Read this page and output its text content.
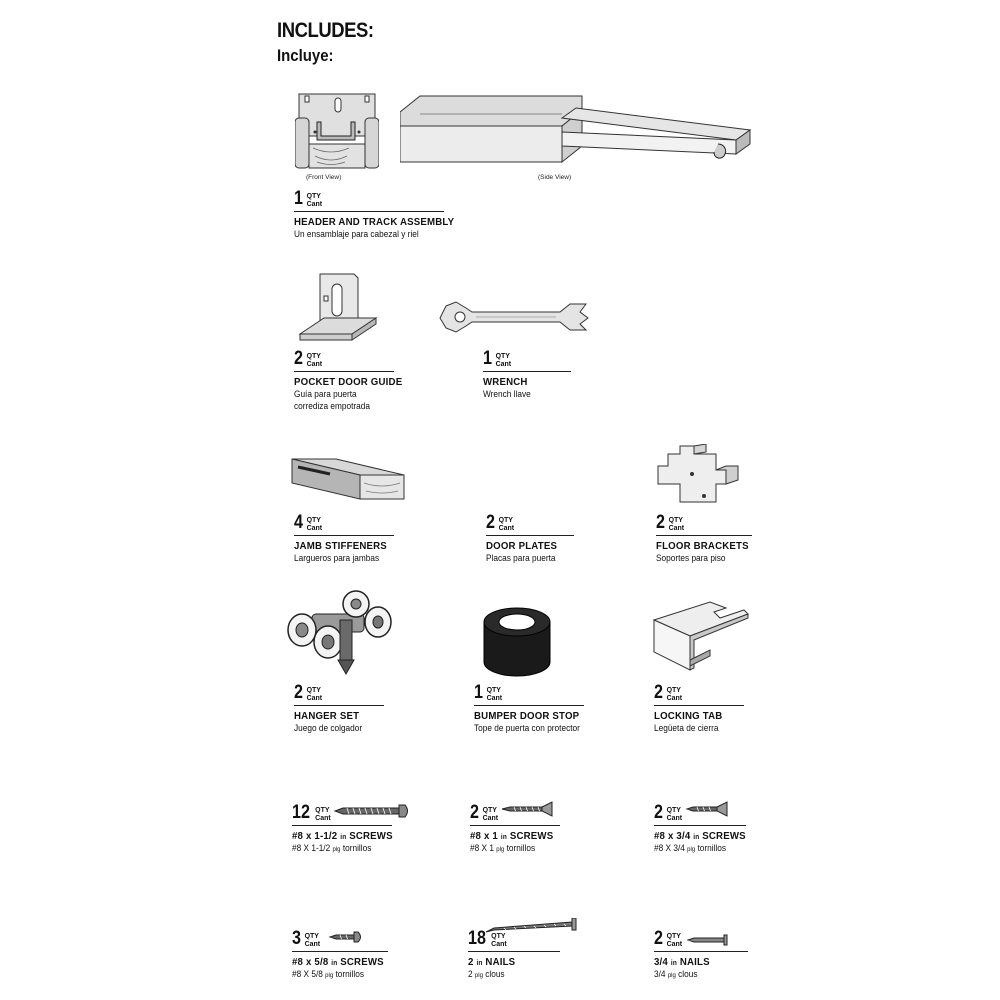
INCLUDES:
Incluye:
(Front View)	(Side View)
1 QTY
Cant
HEADER AND TRACK ASSEMBLY
Un ensamblaje para cabezal y riel
2 QTY
Cant
POCKET DOOR GUIDE
Guía para puerta
corrediza empotrada
1 QTY
Cant
WRENCH
Wrench llave
4 QTY
Cant
JAMB STIFFENERS
Largueros para jambas
2 QTY
Cant
DOOR PLATES
Placas para puerta
2 QTY
Cant
FLOOR BRACKETS
Soportes para piso
2 QTY
Cant
HANGER SET
Juego de colgador
1 QTY
Cant
BUMPER DOOR STOP
Tope de puerta con protector
2 QTY
Cant
LOCKING TAB
Legüeta de cierra
12 QTY
Cant
#8 x 1-1/2 in SCREWS
#8 X 1-1/2 plg tornillos
2 QTY
Cant
#8 x 1 in SCREWS
#8 X 1 plg tornillos
2 QTY
Cant
#8 x 3/4 in SCREWS
#8 X 3/4 plg tornillos
3 QTY
Cant
#8 x 5/8 in SCREWS
#8 X 5/8 plg tornillos
18 QTY
Cant
2 in NAILS
2 plg clous
2 QTY
Cant
3/4 in NAILS
3/4 plg clous
